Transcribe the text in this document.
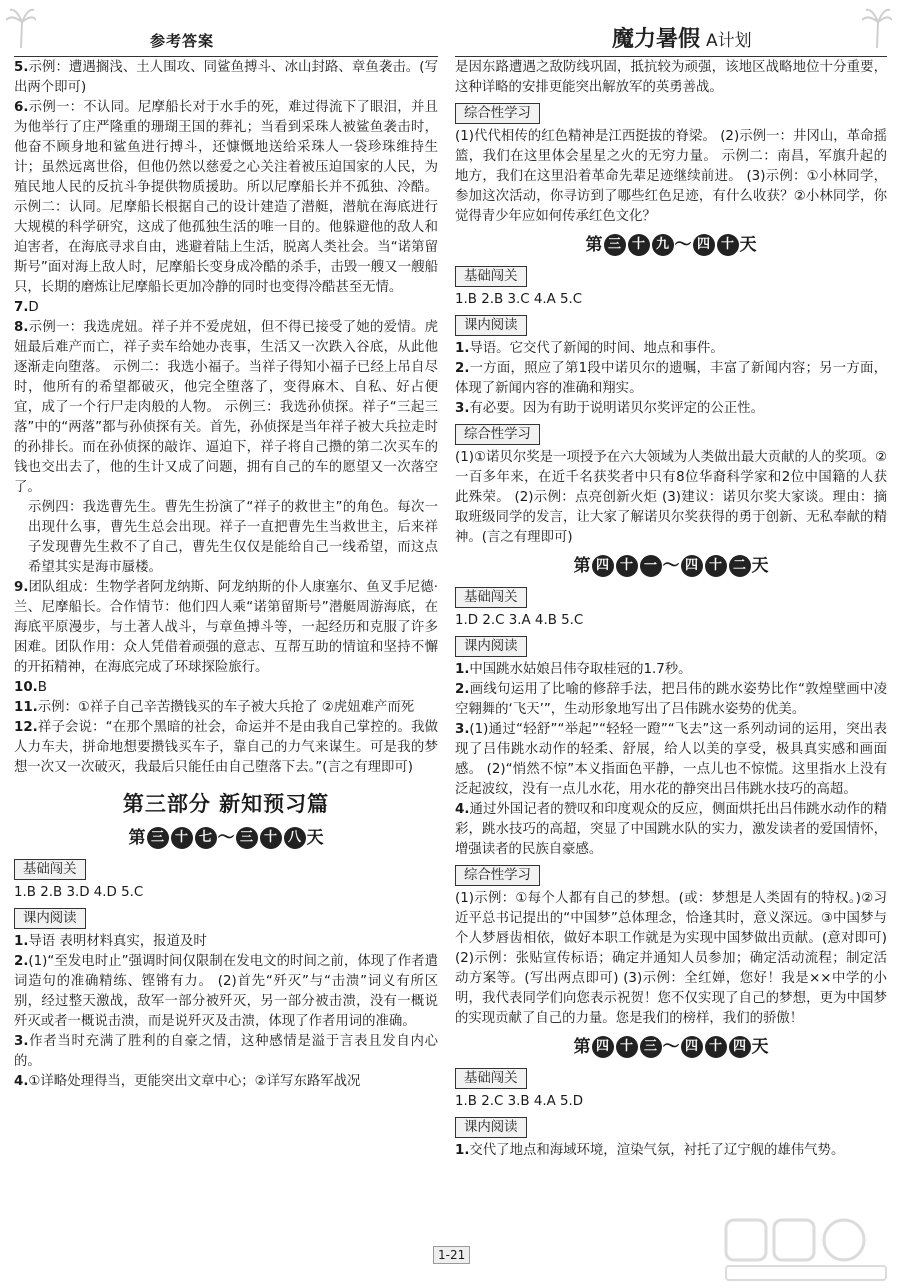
参考答案	魔力暑假 A计划

5.示例：遭遇搁浅、土人围攻、同鲨鱼搏斗、冰山封路、章鱼袭击。(写出两个即可)

6.示例一：不认同。尼摩船长对于水手的死，难过得流下了眼泪，并且为他举行了庄严隆重的珊瑚王国的葬礼；当看到采珠人被鲨鱼袭击时，他奋不顾身地和鲨鱼进行搏斗，还慷慨地送给采珠人一袋珍珠维持生计；虽然远离世俗，但他仍然以慈爱之心关注着被压迫国家的人民，为殖民地人民的反抗斗争提供物质援助。所以尼摩船长并不孤独、冷酷。 示例二：认同。尼摩船长根据自己的设计建造了潜艇，潜航在海底进行大规模的科学研究，这成了他孤独生活的唯一目的。他躲避他的敌人和迫害者，在海底寻求自由，逃避着陆上生活，脱离人类社会。当“诺第留斯号”面对海上敌人时，尼摩船长变身成冷酷的杀手，击毁一艘又一艘船只，长期的磨炼让尼摩船长更加冷静的同时也变得冷酷甚至无情。

7.D

8.示例一：我选虎妞。祥子并不爱虎妞，但不得已接受了她的爱情。虎妞最后难产而亡，祥子卖车给她办丧事，生活又一次跌入谷底，从此他逐渐走向堕落。 示例二：我选小福子。当祥子得知小福子已经上吊自尽时，他所有的希望都破灭，他完全堕落了，变得麻木、自私、好占便宜，成了一个行尸走肉般的人物。 示例三：我选孙侦探。祥子“三起三落”中的“两落”都与孙侦探有关。首先，孙侦探是当年祥子被大兵拉走时的孙排长。而在孙侦探的敲诈、逼迫下，祥子将自己攒的第二次买车的钱也交出去了，他的生计又成了问题，拥有自己的车的愿望又一次落空了。

示例四：我选曹先生。曹先生扮演了“祥子的救世主”的角色。每次一出现什么事，曹先生总会出现。祥子一直把曹先生当救世主，后来祥子发现曹先生救不了自己，曹先生仅仅是能给自己一线希望，而这点希望其实是海市蜃楼。

9.团队组成：生物学者阿龙纳斯、阿龙纳斯的仆人康塞尔、鱼叉手尼德·兰、尼摩船长。合作情节：他们四人乘“诺第留斯号”潜艇周游海底，在海底平原漫步，与土著人战斗，与章鱼搏斗等，一起经历和克服了许多困难。团队作用：众人凭借着顽强的意志、互帮互助的情谊和坚持不懈的开拓精神，在海底完成了环球探险旅行。

10.B

11.示例：①祥子自己辛苦攒钱买的车子被大兵抢了 ②虎妞难产而死

12.祥子会说：“在那个黑暗的社会，命运并不是由我自己掌控的。我做人力车夫，拼命地想要攒钱买车子，靠自己的力气来谋生。可是我的梦想一次又一次破灭，我最后只能任由自己堕落下去。”(言之有理即可)

第三部分 新知预习篇
第 三 十 七 ～ 三 十 八 天
基础闯关

1.B 2.B 3.D 4.D 5.C

课内阅读

1.导语 表明材料真实，报道及时

2.(1)“至发电时止”强调时间仅限制在发电文的时间之前，体现了作者遣词造句的准确精练、铿锵有力。 (2)首先“歼灭”与“击溃”词义有所区别，经过整天激战，敌军一部分被歼灭，另一部分被击溃，没有一概说歼灭或者一概说击溃，而是说歼灭及击溃，体现了作者用词的准确。

3.作者当时充满了胜利的自豪之情，这种感情是溢于言表且发自内心的。

4.①详略处理得当，更能突出文章中心；②详写东路军战况

是因东路遭遇之敌防线巩固，抵抗较为顽强，该地区战略地位十分重要，这种详略的安排更能突出解放军的英勇善战。

综合性学习

(1)代代相传的红色精神是江西挺拔的脊梁。 (2)示例一：井冈山，革命摇篮，我们在这里体会星星之火的无穷力量。 示例二：南昌，军旗升起的地方，我们在这里沿着革命先辈足迹继续前进。 (3)示例：①小林同学，参加这次活动，你寻访到了哪些红色足迹，有什么收获？②小林同学，你觉得青少年应如何传承红色文化？

第 三 十 九 ～ 四 十 天
基础闯关

1.B 2.B 3.C 4.A 5.C

课内阅读

1.导语。它交代了新闻的时间、地点和事件。

2.一方面，照应了第1段中诺贝尔的遗嘱，丰富了新闻内容；另一方面，体现了新闻内容的准确和翔实。

3.有必要。因为有助于说明诺贝尔奖评定的公正性。

综合性学习

(1)①诺贝尔奖是一项授予在六大领域为人类做出最大贡献的人的奖项。②一百多年来，在近千名获奖者中只有8位华裔科学家和2位中国籍的人获此殊荣。 (2)示例：点亮创新火炬 (3)建议：诺贝尔奖大家谈。理由：摘取班级同学的发言，让大家了解诺贝尔奖获得的勇于创新、无私奉献的精神。(言之有理即可)

第 四 十 一 ～ 四 十 二 天
基础闯关

1.D 2.C 3.A 4.B 5.C

课内阅读

1.中国跳水姑娘吕伟夺取桂冠的1.7秒。

2.画线句运用了比喻的修辞手法，把吕伟的跳水姿势比作“敦煌壁画中凌空翱舞的‘飞天’”，生动形象地写出了吕伟跳水姿势的优美。

3.(1)通过“轻舒”“举起”“轻轻一蹬”“飞去”这一系列动词的运用，突出表现了吕伟跳水动作的轻柔、舒展，给人以美的享受，极具真实感和画面感。 (2)“悄然不惊”本义指面色平静，一点儿也不惊慌。这里指水上没有泛起波纹，没有一点儿水花，用水花的静突出吕伟跳水技巧的高超。

4.通过外国记者的赞叹和印度观众的反应，侧面烘托出吕伟跳水动作的精彩，跳水技巧的高超，突显了中国跳水队的实力，激发读者的爱国情怀，增强读者的民族自豪感。

综合性学习

(1)示例：①每个人都有自己的梦想。(或：梦想是人类固有的特权。)②习近平总书记提出的“中国梦”总体理念，恰逢其时，意义深远。③中国梦与个人梦唇齿相依，做好本职工作就是为实现中国梦做出贡献。(意对即可) (2)示例：张贴宣传标语；确定并通知人员参加；确定活动流程；制定活动方案等。(写出两点即可) (3)示例：全红婵，您好！我是××中学的小明，我代表同学们向您表示祝贺！您不仅实现了自己的梦想，更为中国梦的实现贡献了自己的力量。您是我们的榜样，我们的骄傲！

第 四 十 三 ～ 四 十 四 天
基础闯关

1.B 2.C 3.B 4.A 5.D

课内阅读

1.交代了地点和海域环境，渲染气氛，衬托了辽宁舰的雄伟气势。

1-21
